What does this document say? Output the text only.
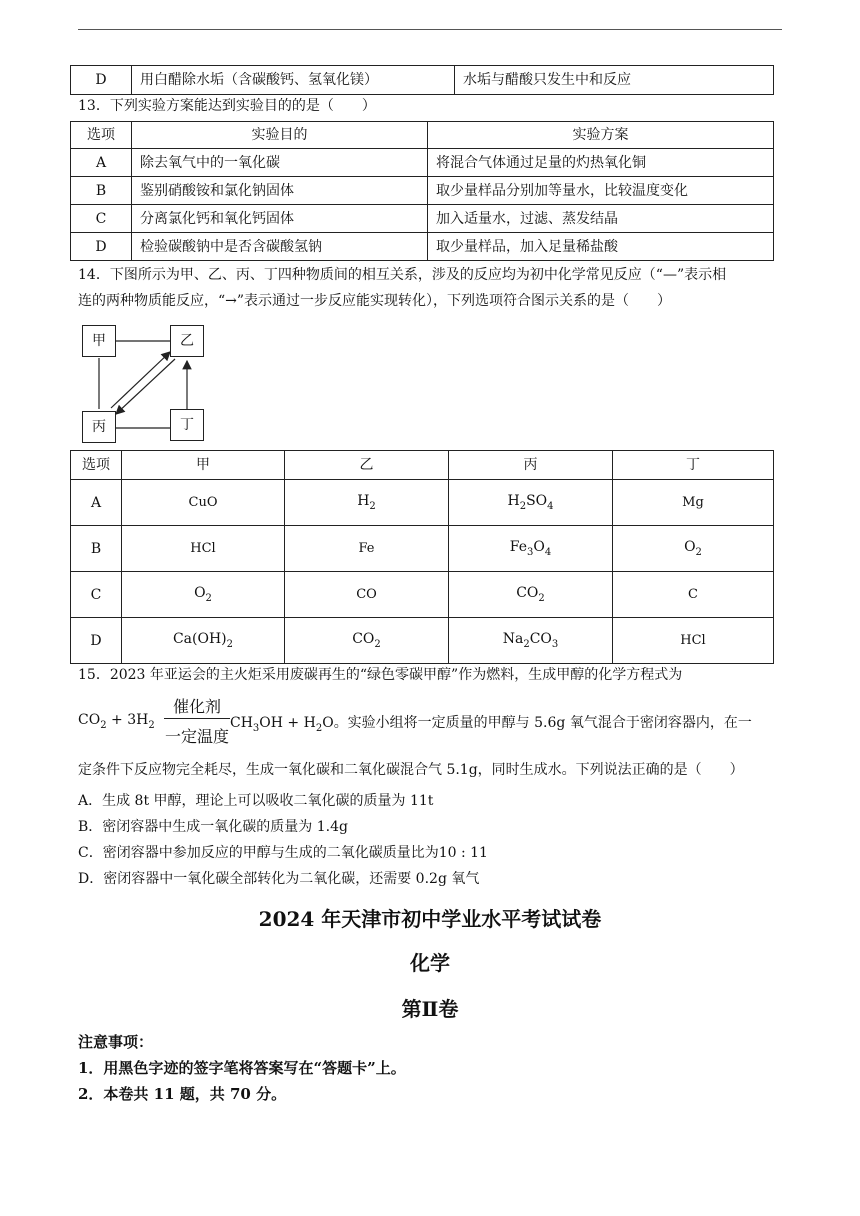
D	用白醋除水垢（含碳酸钙、氢氧化镁）	水垢与醋酸只发生中和反应
13．下列实验方案能达到实验目的的是（　　）
选项	实验目的	实验方案
A	除去氧气中的一氧化碳	将混合气体通过足量的灼热氧化铜
B	鉴别硝酸铵和氯化钠固体	取少量样品分别加等量水，比较温度变化
C	分离氯化钙和氧化钙固体	加入适量水，过滤、蒸发结晶
D	检验碳酸钠中是否含碳酸氢钠	取少量样品，加入足量稀盐酸
14．下图所示为甲、乙、丙、丁四种物质间的相互关系，涉及的反应均为初中化学常见反应（“—”表示相
连的两种物质能反应，“→”表示通过一步反应能实现转化），下列选项符合图示关系的是（　　）
甲	乙
丙	丁
选项	甲	乙	丙	丁
A	CuO	$H_2$	$H_2SO_4$	Mg
B	HCl	Fe	$Fe_3O_4$	$O_2$
C	$O_2$	CO	$CO_2$	C
D	$Ca(OH)_2$	$CO_2$	$Na_2CO_3$	HCl
15．2023 年亚运会的主火炬采用废碳再生的“绿色零碳甲醇”作为燃料，生成甲醇的化学方程式为
$CO_2 + 3H_2$
催化剂
一定温度
$CH_3OH + H_2O$。实验小组将一定质量的甲醇与 5.6g 氧气混合于密闭容器内，在一
定条件下反应物完全耗尽，生成一氧化碳和二氧化碳混合气 5.1g，同时生成水。下列说法正确的是（　　）
A．生成 8t 甲醇，理论上可以吸收二氧化碳的质量为 11t
B．密闭容器中生成一氧化碳的质量为 1.4g
C．密闭容器中参加反应的甲醇与生成的二氧化碳质量比为10 : 11
D．密闭容器中一氧化碳全部转化为二氧化碳，还需要 0.2g 氧气
2024 年天津市初中学业水平考试试卷
化学
第Ⅱ卷
注意事项：
1．用黑色字迹的签字笔将答案写在“答题卡”上。
2．本卷共 11 题，共 70 分。
